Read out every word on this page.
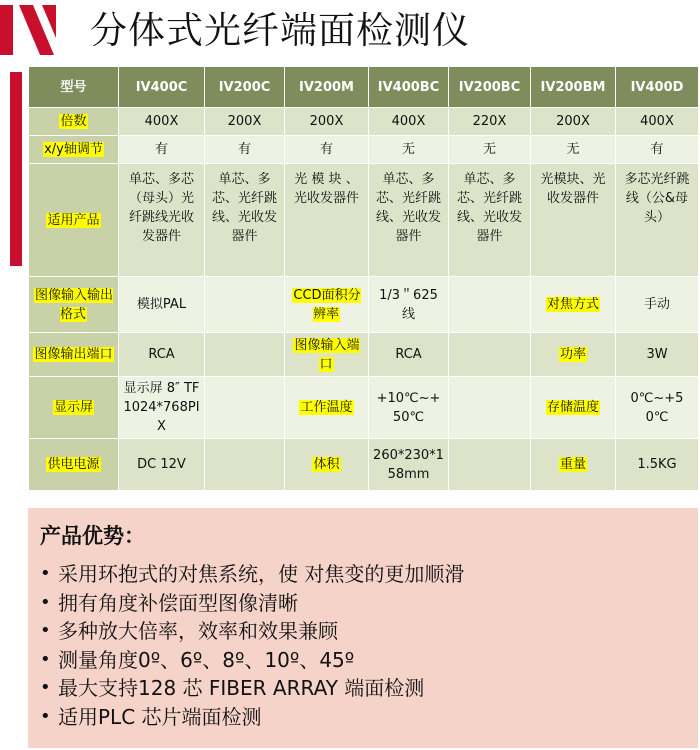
分体式光纤端面检测仪
型号	IV400C	IV200C	IV200M	IV400BC	IV200BC	IV200BM	IV400D
倍数	400X	200X	200X	400X	220X	200X	400X
x/y轴调节	有	有	有	无	无	无	有
适用产品	单芯、多芯（母头）光纤跳线光收发器件	单芯、多芯、光纤跳线、光收发器件	光 模 块 、光收发器件	单芯、多芯、光纤跳线、光收发器件	单芯、多芯、光纤跳线、光收发器件	光模块、光收发器件	多芯光纤跳线（公&母头）
图像输入输出格式	模拟PAL		CCD面积分辨率	1/3＂625线		对焦方式	手动
图像输出端口	RCA		图像输入端口	RCA		功率	3W
显示屏	显示屏 8″ TF1024*768PIX		工作温度	+10℃~+50℃		存储温度	0℃~+50℃
供电电源	DC 12V		体积	260*230*158mm		重量	1.5KG
产品优势：
• 采用环抱式的对焦系统，使 对焦变的更加顺滑
• 拥有角度补偿面型图像清晰
• 多种放大倍率，效率和效果兼顾
• 测量角度0º、6º、8º、10º、45º
• 最大支持128 芯 FIBER ARRAY 端面检测
• 适用PLC 芯片端面检测
